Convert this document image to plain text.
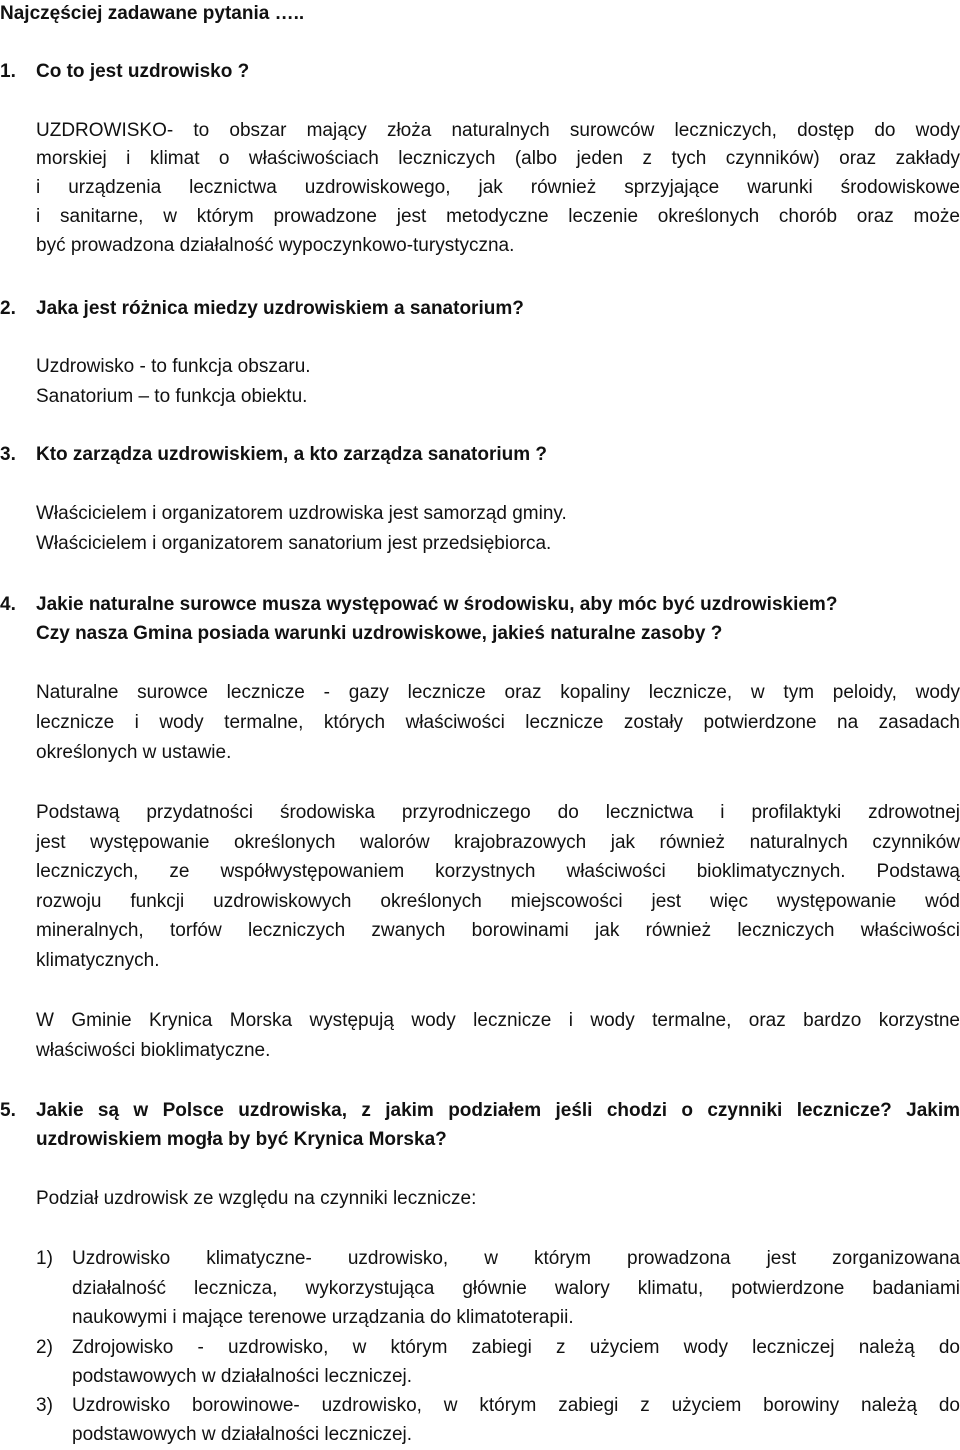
Najczęściej zadawane pytania …..
1. Co to jest uzdrowisko ?
UZDROWISKO- to obszar mający złoża naturalnych surowców leczniczych, dostęp do wody
morskiej i klimat o właściwościach leczniczych (albo jeden z tych czynników) oraz zakłady
i urządzenia lecznictwa uzdrowiskowego, jak również sprzyjające warunki środowiskowe
i sanitarne, w którym prowadzone jest metodyczne leczenie określonych chorób oraz może
być prowadzona działalność wypoczynkowo-turystyczna.
2. Jaka jest różnica miedzy uzdrowiskiem a sanatorium?
Uzdrowisko - to funkcja obszaru.
Sanatorium – to funkcja obiektu.
3. Kto zarządza uzdrowiskiem, a kto zarządza sanatorium ?
Właścicielem i organizatorem uzdrowiska jest samorząd gminy.
Właścicielem i organizatorem sanatorium jest przedsiębiorca.
4. Jakie naturalne surowce musza występować w środowisku, aby móc być uzdrowiskiem?
Czy nasza Gmina posiada warunki uzdrowiskowe, jakieś naturalne zasoby ?
Naturalne surowce lecznicze - gazy lecznicze oraz kopaliny lecznicze, w tym peloidy, wody
lecznicze i wody termalne, których właściwości lecznicze zostały potwierdzone na zasadach
określonych w ustawie.
Podstawą przydatności środowiska przyrodniczego do lecznictwa i profilaktyki zdrowotnej
jest występowanie określonych walorów krajobrazowych jak również naturalnych czynników
leczniczych, ze współwystępowaniem korzystnych właściwości bioklimatycznych. Podstawą
rozwoju funkcji uzdrowiskowych określonych miejscowości jest więc występowanie wód
mineralnych, torfów leczniczych zwanych borowinami jak również leczniczych właściwości
klimatycznych.
W Gminie Krynica Morska występują wody lecznicze i wody termalne, oraz bardzo korzystne
właściwości bioklimatyczne.
5. Jakie są w Polsce uzdrowiska, z jakim podziałem jeśli chodzi o czynniki lecznicze? Jakim
uzdrowiskiem mogła by być Krynica Morska?
Podział uzdrowisk ze względu na czynniki lecznicze:
1) Uzdrowisko klimatyczne- uzdrowisko, w którym prowadzona jest zorganizowana
działalność lecznicza, wykorzystująca głównie walory klimatu, potwierdzone badaniami
naukowymi i mające terenowe urządzania do klimatoterapii.
2) Zdrojowisko - uzdrowisko, w którym zabiegi z użyciem wody leczniczej należą do
podstawowych w działalności leczniczej.
3) Uzdrowisko borowinowe- uzdrowisko, w którym zabiegi z użyciem borowiny należą do
podstawowych w działalności leczniczej.
